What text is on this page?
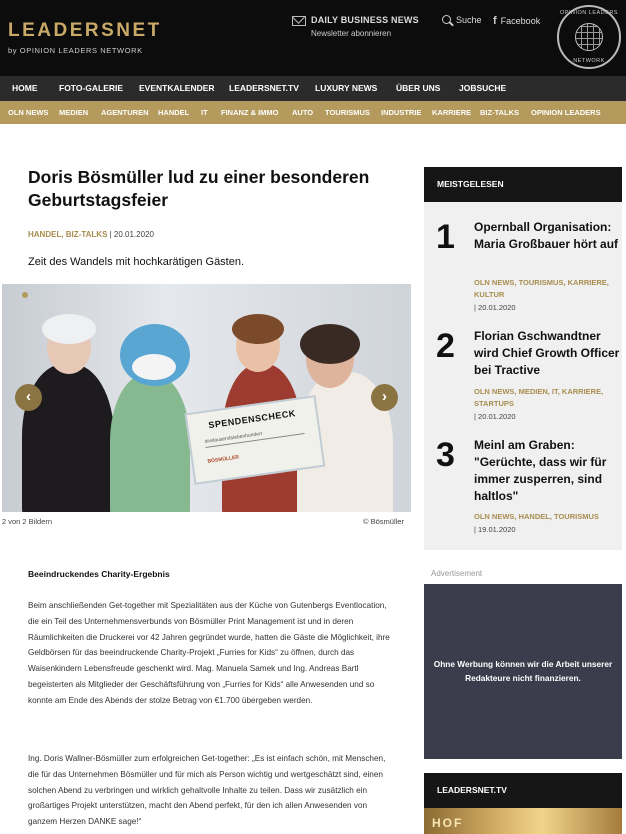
LEADERSNET
by OPINION LEADERS NETWORK
DAILY BUSINESS NEWS
Newsletter abonnieren
Suche f Facebook
OPINION LEADERS
NETWORK
HOME	FOTO-GALERIE EVENTKALENDER LEADERSNET.TV LUXURY NEWS ÜBER UNS JOBSUCHE
OLN NEWS MEDIEN AGENTUREN HANDEL IT FINANZ & IMMO AUTO TOURISMUS INDUSTRIE KARRIERE BIZ-TALKS OPINION LEADERS
Doris Bösmüller lud zu einer besonderen Geburtstagsfeier
HANDEL, BIZ-TALKS | 20.01.2020
Zeit des Wandels mit hochkarätigen Gästen.
SPENDENSCHECK
dreitausendsiebenhundert
BÖSMÜLLER
‹	›
2 von 2 Bildern	© Bösmüller
Beeindruckendes Charity-Ergebnis

Beim anschließenden Get-together mit Spezialitäten aus der Küche von Gutenbergs Eventlocation, die ein Teil des Unternehmensverbunds von Bösmüller Print Management ist und in deren Räumlichkeiten die Druckerei vor 42 Jahren gegründet wurde, hatten die Gäste die Möglichkeit, ihre Geldbörsen für das beeindruckende Charity-Projekt „Furries for Kids“ zu öffnen, durch das Waisenkindern Lebensfreude geschenkt wird. Mag. Manuela Samek und Ing. Andreas Bartl begeisterten als Mitglieder der Geschäftsführung von „Furries for Kids“ alle Anwesenden und so konnte am Ende des Abends der stolze Betrag von €1.700 übergeben werden.

Ing. Doris Wallner-Bösmüller zum erfolgreichen Get-together: „Es ist einfach schön, mit Menschen, die für das Unternehmen Bösmüller und für mich als Person wichtig und wertgeschätzt sind, einen solchen Abend zu verbringen und wirklich gehaltvolle Inhalte zu teilen. Dass wir zusätzlich ein großartiges Projekt unterstützen, macht den Abend perfekt, für den ich allen Anwesenden von ganzem Herzen DANKE sage!“

MEISTGELESEN
1 Opernball Organisation: Maria Großbauer hört auf
OLN NEWS, TOURISMUS, KARRIERE, KULTUR
| 20.01.2020
2 Florian Gschwandtner wird Chief Growth Officer bei Tractive
OLN NEWS, MEDIEN, IT, KARRIERE, STARTUPS
| 20.01.2020
3 Meinl am Graben: "Gerüchte, dass wir für immer zusperren, sind haltlos"
OLN NEWS, HANDEL, TOURISMUS
| 19.01.2020
Advertisement
Ohne Werbung können wir die Arbeit unserer Redakteure nicht finanzieren.
LEADERSNET.TV
HOF
